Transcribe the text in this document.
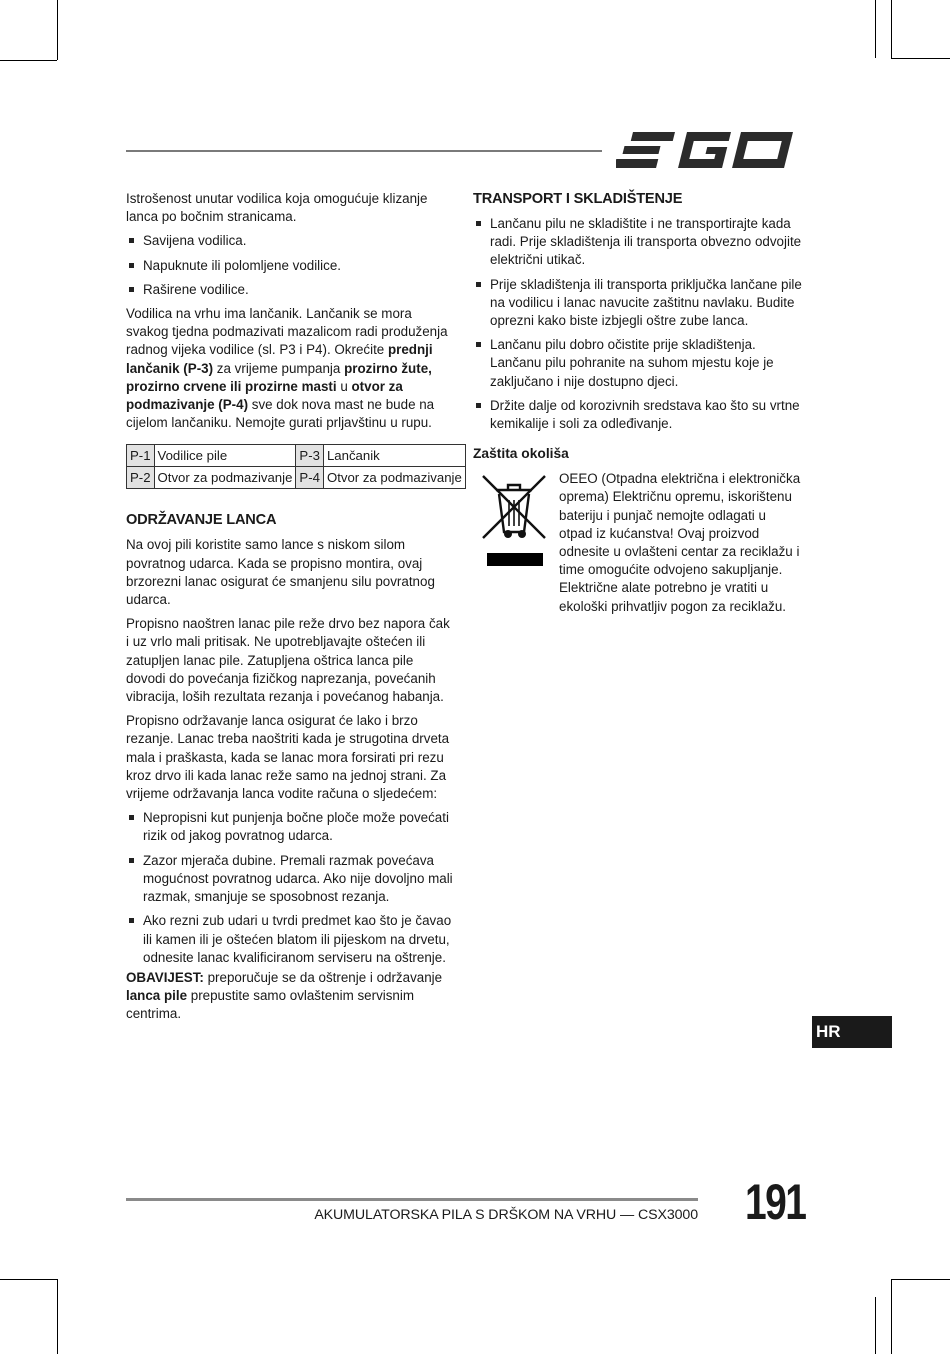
Istrošenost unutar vodilica koja omogućuje klizanje lanca po bočnim stranicama.

Savijena vodilica.
Napuknute ili polomljene vodilice.
Raširene vodilice.

Vodilica na vrhu ima lančanik. Lančanik se mora svakog tjedna podmazivati mazalicom radi produženja radnog vijeka vodilice (sl. P3 i P4). Okrećite prednji lančanik (P-3) za vrijeme pumpanja prozirno žute, prozirno crvene ili prozirne masti u otvor za podmazivanje (P-4) sve dok nova mast ne bude na cijelom lančaniku. Nemojte gurati prljavštinu u rupu.

P-1	Vodilice pile	P-3	Lančanik
P-2	Otvor za podmazivanje	P-4	Otvor za podmazivanje
ODRŽAVANJE LANCA

Na ovoj pili koristite samo lance s niskom silom povratnog udarca. Kada se propisno montira, ovaj brzorezni lanac osigurat će smanjenu silu povratnog udarca.

Propisno naoštren lanac pile reže drvo bez napora čak i uz vrlo mali pritisak. Ne upotrebljavajte oštećen ili zatupljen lanac pile. Zatupljena oštrica lanca pile dovodi do povećanja fizičkog naprezanja, povećanih vibracija, loših rezultata rezanja i povećanog habanja.

Propisno održavanje lanca osigurat će lako i brzo rezanje. Lanac treba naoštriti kada je strugotina drveta mala i praškasta, kada se lanac mora forsirati pri rezu kroz drvo ili kada lanac reže samo na jednoj strani. Za vrijeme održavanja lanca vodite računa o sljedećem:

Nepropisni kut punjenja bočne ploče može povećati rizik od jakog povratnog udarca.
Zazor mjerača dubine. Premali razmak povećava mogućnost povratnog udarca. Ako nije dovoljno mali razmak, smanjuje se sposobnost rezanja.
Ako rezni zub udari u tvrdi predmet kao što je čavao ili kamen ili je oštećen blatom ili pijeskom na drvetu, odnesite lanac kvalificiranom serviseru na oštrenje.

OBAVIJEST: preporučuje se da oštrenje i održavanje lanca pile prepustite samo ovlaštenim servisnim centrima.

TRANSPORT I SKLADIŠTENJE
Lančanu pilu ne skladištite i ne transportirajte kada radi. Prije skladištenja ili transporta obvezno odvojite električni utikač.
Prije skladištenja ili transporta priključka lančane pile na vodilicu i lanac navucite zaštitnu navlaku. Budite oprezni kako biste izbjegli oštre zube lanca.
Lančanu pilu dobro očistite prije skladištenja. Lančanu pilu pohranite na suhom mjestu koje je zaključano i nije dostupno djeci.
Držite dalje od korozivnih sredstava kao što su vrtne kemikalije i soli za odleđivanje.
Zaštita okoliša

OEEO (Otpadna električna i elektronička oprema) Električnu opremu, iskorištenu bateriju i punjač nemojte odlagati u otpad iz kućanstva! Ovaj proizvod odnesite u ovlašteni centar za reciklažu i time omogućite odvojeno sakupljanje. Električne alate potrebno je vratiti u ekološki prihvatljiv pogon za reciklažu.

HR
AKUMULATORSKA PILA S DRŠKOM NA VRHU — CSX3000 191
